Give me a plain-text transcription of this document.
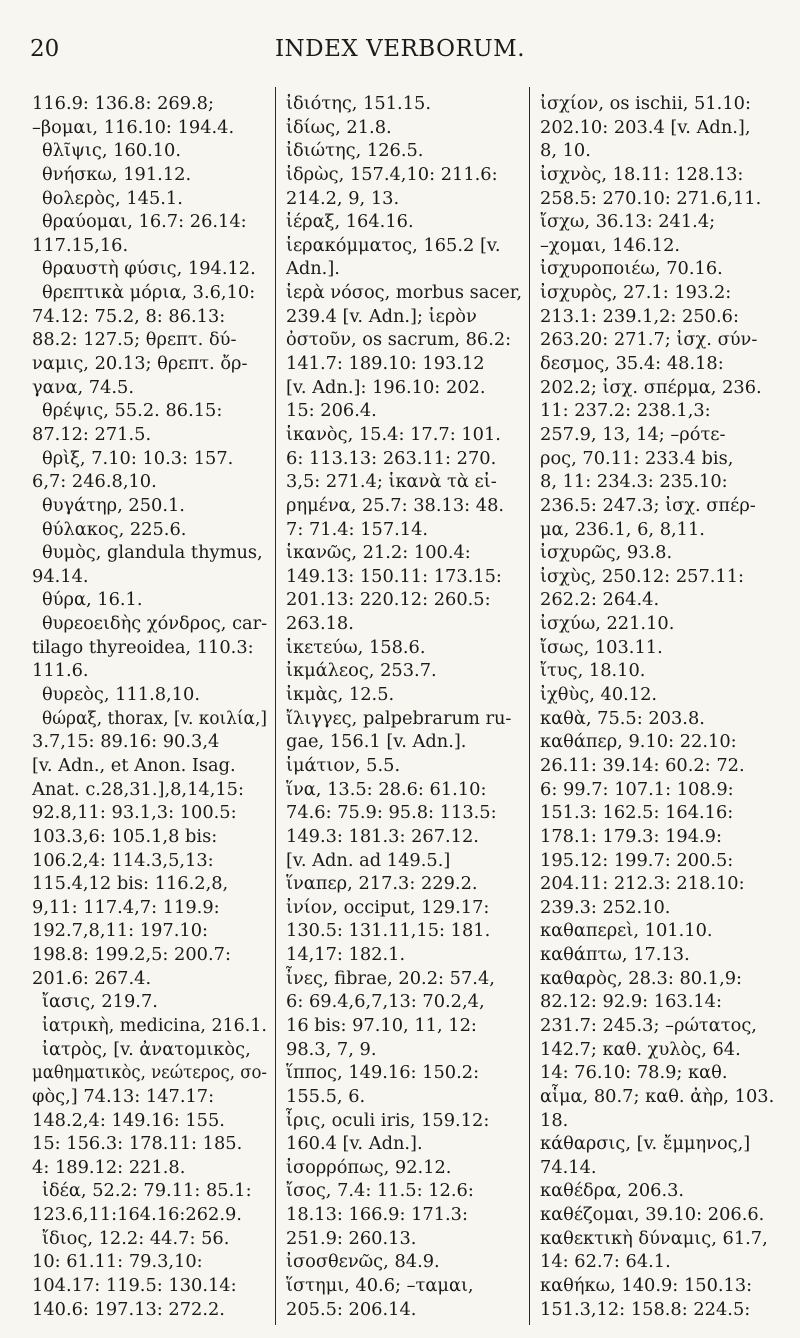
20	INDEX VERBORUM.
116.9: 136.8: 269.8;
–βομαι, 116.10: 194.4.
θλῖψις, 160.10.
θνήσκω, 191.12.
θολερὸς, 145.1.
θραύομαι, 16.7: 26.14:
117.15,16.
θραυστὴ φύσις, 194.12.
θρεπτικὰ μόρια, 3.6,10:
74.12: 75.2, 8: 86.13:
88.2: 127.5; θρεπτ. δύ-
ναμις, 20.13; θρεπτ. ὄρ-
γανα, 74.5.
θρέψις, 55.2. 86.15:
87.12: 271.5.
θρὶξ, 7.10: 10.3: 157.
6,7: 246.8,10.
θυγάτηρ, 250.1.
θύλακος, 225.6.
θυμὸς, glandula thymus,
94.14.
θύρα, 16.1.
θυρεοειδὴς χόνδρος, car-
tilago thyreoidea, 110.3:
111.6.
θυρεὸς, 111.8,10.
θώραξ, thorax, [v. κοιλία,]
3.7,15: 89.16: 90.3,4
[v. Adn., et Anon. Isag.
Anat. c.28,31.],8,14,15:
92.8,11: 93.1,3: 100.5:
103.3,6: 105.1,8 bis:
106.2,4: 114.3,5,13:
115.4,12 bis: 116.2,8,
9,11: 117.4,7: 119.9:
192.7,8,11: 197.10:
198.8: 199.2,5: 200.7:
201.6: 267.4.
ἴασις, 219.7.
ἰατρικὴ, medicina, 216.1.
ἰατρὸς, [v. ἀνατομικὸς,
μαθηματικὸς, νεώτερος, σο-
φὸς,] 74.13: 147.17:
148.2,4: 149.16: 155.
15: 156.3: 178.11: 185.
4: 189.12: 221.8.
ἰδέα, 52.2: 79.11: 85.1:
123.6,11:164.16:262.9.
ἴδιος, 12.2: 44.7: 56.
10: 61.11: 79.3,10:
104.17: 119.5: 130.14:
140.6: 197.13: 272.2.
ἰδιότης, 151.15.
ἰδίως, 21.8.
ἰδιώτης, 126.5.
ἱδρὼς, 157.4,10: 211.6:
214.2, 9, 13.
ἱέραξ, 164.16.
ἱερακόμματος, 165.2 [v.
Adn.].
ἱερὰ νόσος, morbus sacer,
239.4 [v. Adn.]; ἱερὸν
ὀστοῦν, os sacrum, 86.2:
141.7: 189.10: 193.12
[v. Adn.]: 196.10: 202.
15: 206.4.
ἱκανὸς, 15.4: 17.7: 101.
6: 113.13: 263.11: 270.
3,5: 271.4; ἱκανὰ τὰ εἰ-
ρημένα, 25.7: 38.13: 48.
7: 71.4: 157.14.
ἱκανῶς, 21.2: 100.4:
149.13: 150.11: 173.15:
201.13: 220.12: 260.5:
263.18.
ἱκετεύω, 158.6.
ἰκμάλεος, 253.7.
ἰκμὰς, 12.5.
ἴλιγγες, palpebrarum ru-
gae, 156.1 [v. Adn.].
ἱμάτιον, 5.5.
ἵνα, 13.5: 28.6: 61.10:
74.6: 75.9: 95.8: 113.5:
149.3: 181.3: 267.12.
[v. Adn. ad 149.5.]
ἵναπερ, 217.3: 229.2.
ἰνίον, occiput, 129.17:
130.5: 131.11,15: 181.
14,17: 182.1.
ἶνες, fibrae, 20.2: 57.4,
6: 69.4,6,7,13: 70.2,4,
16 bis: 97.10, 11, 12:
98.3, 7, 9.
ἵππος, 149.16: 150.2:
155.5, 6.
ἶρις, oculi iris, 159.12:
160.4 [v. Adn.].
ἰσορρόπως, 92.12.
ἴσος, 7.4: 11.5: 12.6:
18.13: 166.9: 171.3:
251.9: 260.13.
ἰσοσθενῶς, 84.9.
ἵστημι, 40.6; –ταμαι,
205.5: 206.14.
ἰσχίον, os ischii, 51.10:
202.10: 203.4 [v. Adn.],
8, 10.
ἰσχνὸς, 18.11: 128.13:
258.5: 270.10: 271.6,11.
ἴσχω, 36.13: 241.4;
–χομαι, 146.12.
ἰσχυροποιέω, 70.16.
ἰσχυρὸς, 27.1: 193.2:
213.1: 239.1,2: 250.6:
263.20: 271.7; ἰσχ. σύν-
δεσμος, 35.4: 48.18:
202.2; ἰσχ. σπέρμα, 236.
11: 237.2: 238.1,3:
257.9, 13, 14; –ρότε-
ρος, 70.11: 233.4 bis,
8, 11: 234.3: 235.10:
236.5: 247.3; ἰσχ. σπέρ-
μα, 236.1, 6, 8,11.
ἰσχυρῶς, 93.8.
ἰσχὺς, 250.12: 257.11:
262.2: 264.4.
ἰσχύω, 221.10.
ἴσως, 103.11.
ἴτυς, 18.10.
ἰχθὺς, 40.12.
καθὰ, 75.5: 203.8.
καθάπερ, 9.10: 22.10:
26.11: 39.14: 60.2: 72.
6: 99.7: 107.1: 108.9:
151.3: 162.5: 164.16:
178.1: 179.3: 194.9:
195.12: 199.7: 200.5:
204.11: 212.3: 218.10:
239.3: 252.10.
καθαπερεὶ, 101.10.
καθάπτω, 17.13.
καθαρὸς, 28.3: 80.1,9:
82.12: 92.9: 163.14:
231.7: 245.3; –ρώτατος,
142.7; καθ. χυλὸς, 64.
14: 76.10: 78.9; καθ.
αἷμα, 80.7; καθ. ἀὴρ, 103.
18.
κάθαρσις, [v. ἔμμηνος,]
74.14.
καθέδρα, 206.3.
καθέζομαι, 39.10: 206.6.
καθεκτικὴ δύναμις, 61.7,
14: 62.7: 64.1.
καθήκω, 140.9: 150.13:
151.3,12: 158.8: 224.5:
